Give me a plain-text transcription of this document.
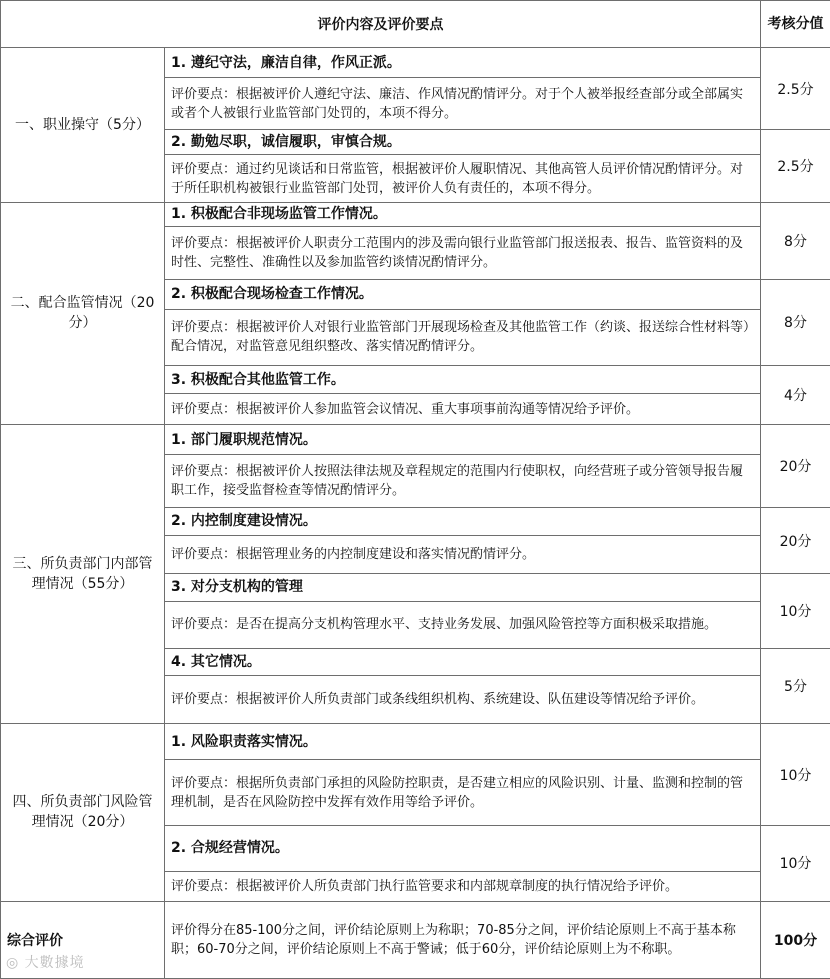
评价内容及评价要点		考核分值
一、职业操守（5分）	1. 遵纪守法，廉洁自律，作风正派。	2.5分
	评价要点：根据被评价人遵纪守法、廉洁、作风情况酌情评分。对于个人被举报经查部分或全部属实或者个人被银行业监管部门处罚的，本项不得分。	
	2. 勤勉尽职，诚信履职，审慎合规。	2.5分
	评价要点：通过约见谈话和日常监管，根据被评价人履职情况、其他高管人员评价情况酌情评分。对于所任职机构被银行业监管部门处罚，被评价人负有责任的，本项不得分。	
二、配合监管情况（20分）	1. 积极配合非现场监管工作情况。	8分
	评价要点：根据被评价人职责分工范围内的涉及需向银行业监管部门报送报表、报告、监管资料的及时性、完整性、准确性以及参加监管约谈情况酌情评分。	
	2. 积极配合现场检查工作情况。	8分
	评价要点：根据被评价人对银行业监管部门开展现场检查及其他监管工作（约谈、报送综合性材料等）配合情况，对监管意见组织整改、落实情况酌情评分。	
	3. 积极配合其他监管工作。	4分
	评价要点：根据被评价人参加监管会议情况、重大事项事前沟通等情况给予评价。	
三、所负责部门内部管理情况（55分）	1. 部门履职规范情况。	20分
	评价要点：根据被评价人按照法律法规及章程规定的范围内行使职权，向经营班子或分管领导报告履职工作，接受监督检查等情况酌情评分。	
	2. 内控制度建设情况。	20分
	评价要点：根据管理业务的内控制度建设和落实情况酌情评分。	
	3. 对分支机构的管理	10分
	评价要点：是否在提高分支机构管理水平、支持业务发展、加强风险管控等方面积极采取措施。	
	4. 其它情况。	5分
	评价要点：根据被评价人所负责部门或条线组织机构、系统建设、队伍建设等情况给予评价。	
四、所负责部门风险管理情况（20分）	1. 风险职责落实情况。	10分
	评价要点：根据所负责部门承担的风险防控职责，是否建立相应的风险识别、计量、监测和控制的管理机制，是否在风险防控中发挥有效作用等给予评价。	
	2. 合规经营情况。	10分
	评价要点：根据被评价人所负责部门执行监管要求和内部规章制度的执行情况给予评价。	
综合评价	评价得分在85-100分之间，评价结论原则上为称职；70-85分之间，评价结论原则上不高于基本称职；60-70分之间，评价结论原则上不高于警诫；低于60分，评价结论原则上为不称职。	100分
◎ 大數據境
